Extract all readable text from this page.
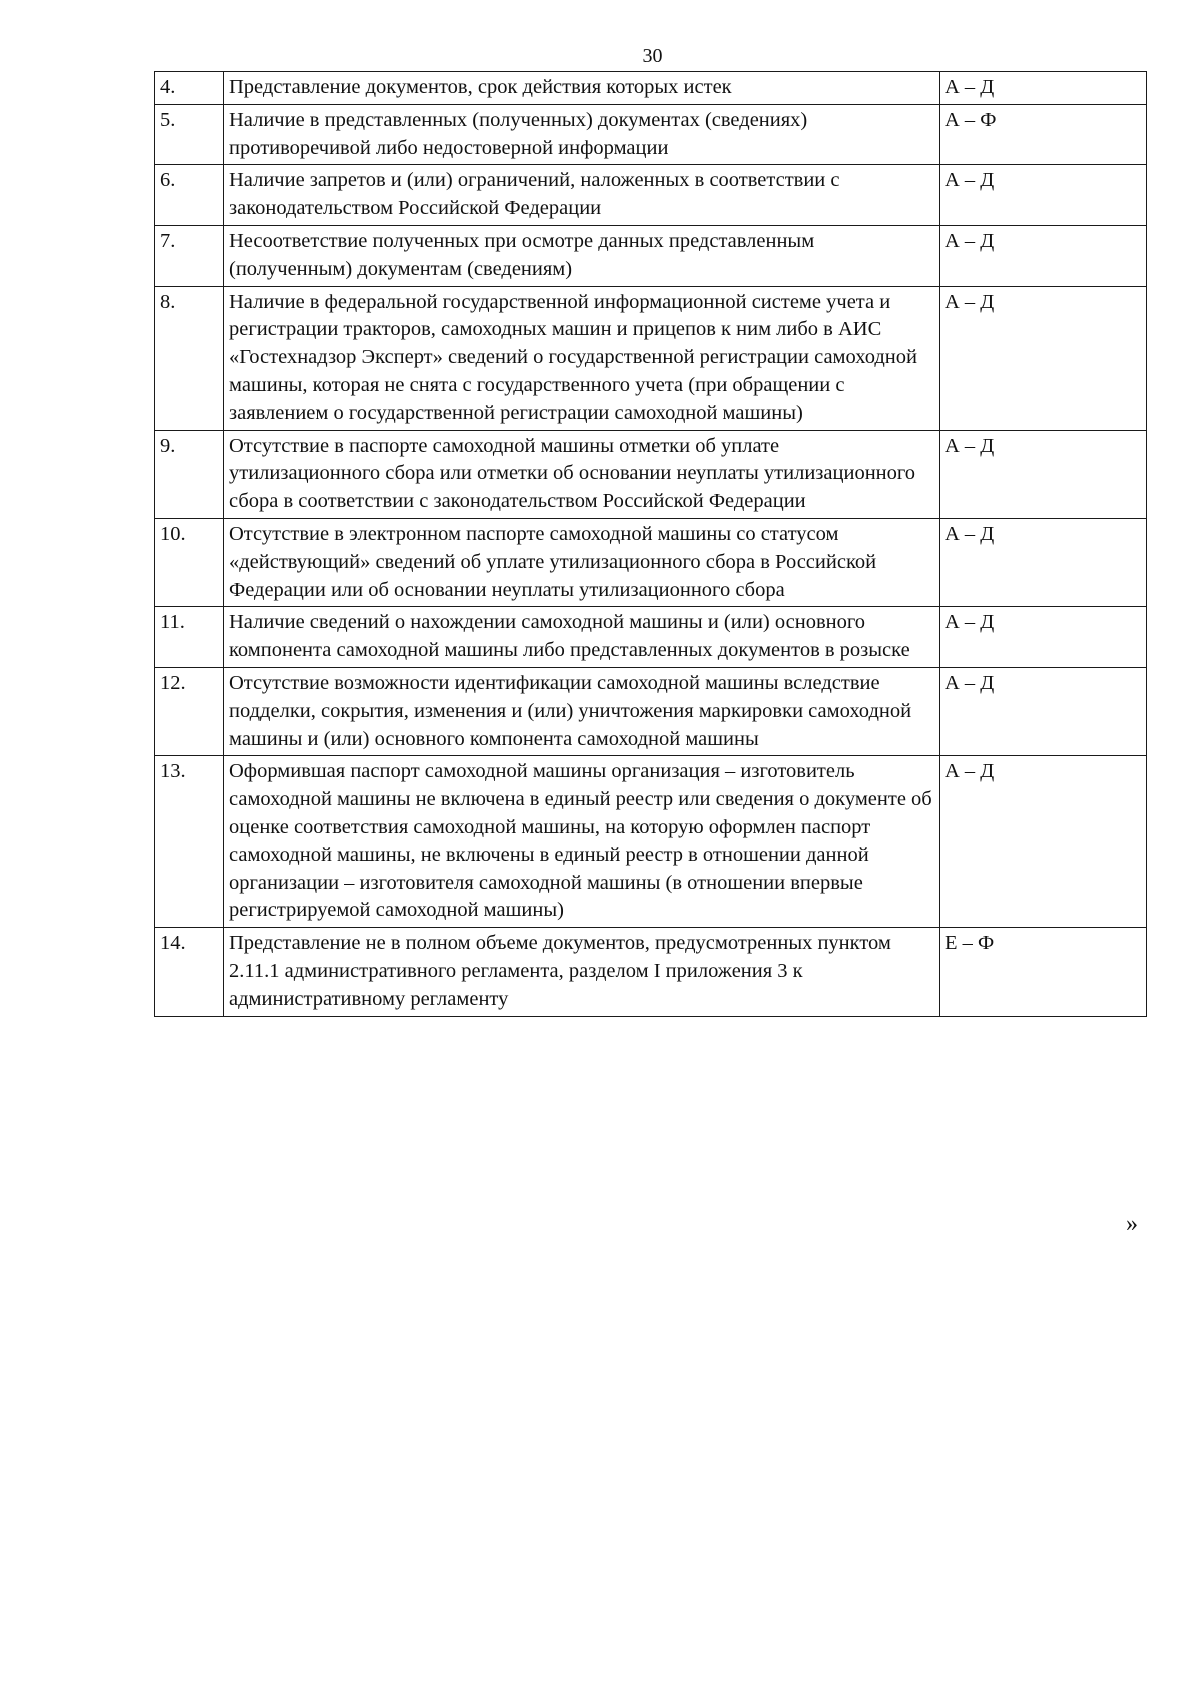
30
4.	Представление документов, срок действия которых истек	А – Д
5.	Наличие в представленных (полученных) документах (сведениях) противоречивой либо недостоверной информации	А – Ф
6.	Наличие запретов и (или) ограничений, наложенных в соответствии с законодательством Российской Федерации	А – Д
7.	Несоответствие полученных при осмотре данных представленным (полученным) документам (сведениям)	А – Д
8.	Наличие в федеральной государственной информационной системе учета и регистрации тракторов, самоходных машин и прицепов к ним либо в АИС «Гостехнадзор Эксперт» сведений о государственной регистрации самоходной машины, которая не снята с государственного учета (при обращении с заявлением о государственной регистрации самоходной машины)	А – Д
9.	Отсутствие в паспорте самоходной машины отметки об уплате утилизационного сбора или отметки об основании неуплаты утилизационного сбора в соответствии с законодательством Российской Федерации	А – Д
10.	Отсутствие в электронном паспорте самоходной машины со статусом «действующий» сведений об уплате утилизационного сбора в Российской Федерации или об основании неуплаты утилизационного сбора	А – Д
11.	Наличие сведений о нахождении самоходной машины и (или) основного компонента самоходной машины либо представленных документов в розыске	А – Д
12.	Отсутствие возможности идентификации самоходной машины вследствие подделки, сокрытия, изменения и (или) уничтожения маркировки самоходной машины и (или) основного компонента самоходной машины	А – Д
13.	Оформившая паспорт самоходной машины организация – изготовитель самоходной машины не включена в единый реестр или сведения о документе об оценке соответствия самоходной машины, на которую оформлен паспорт самоходной машины, не включены в единый реестр в отношении данной организации – изготовителя самоходной машины (в отношении впервые регистрируемой самоходной машины)	А – Д
14.	Представление не в полном объеме документов, предусмотренных пунктом 2.11.1 административного регламента, разделом I приложения 3 к административному регламенту	Е – Ф
»
